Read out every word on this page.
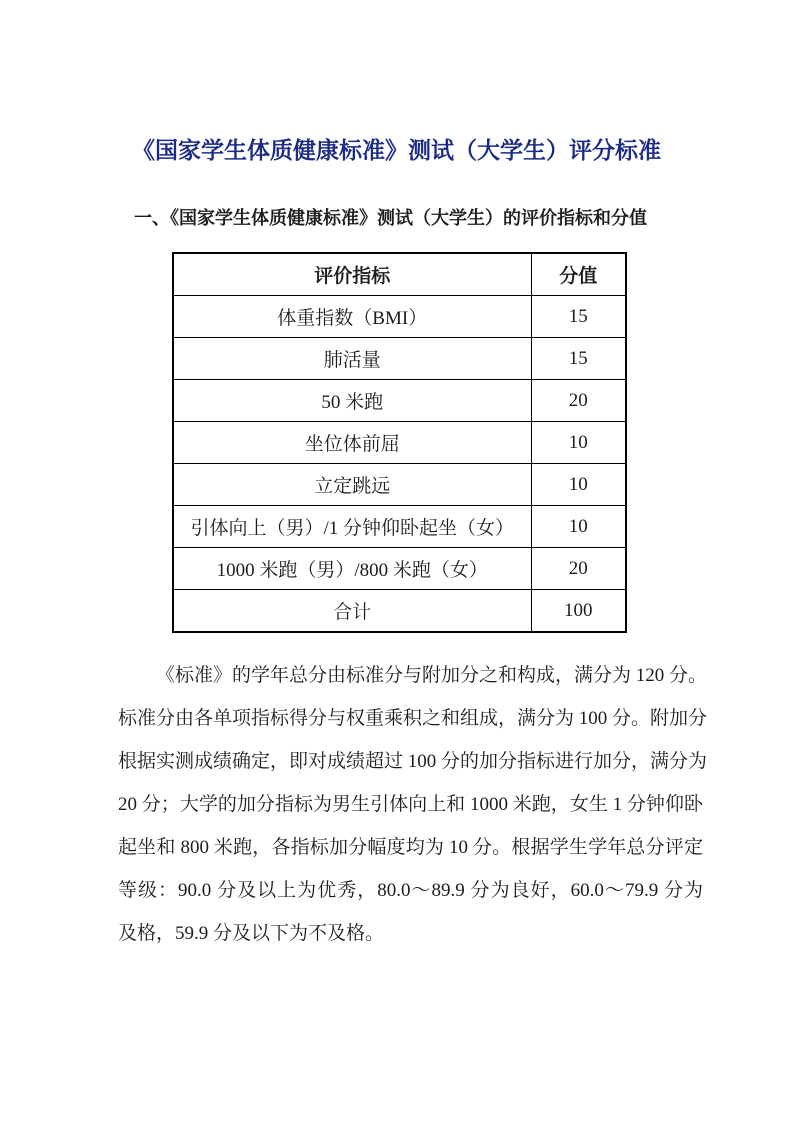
《国家学生体质健康标准》测试（大学生）评分标准
一、《国家学生体质健康标准》测试（大学生）的评价指标和分值
评价指标	分值
体重指数（BMI）	15
肺活量	15
50 米跑	20
坐位体前屈	10
立定跳远	10
引体向上（男）/1 分钟仰卧起坐（女）	10
1000 米跑（男）/800 米跑（女）	20
合计	100
《标准》的学年总分由标准分与附加分之和构成，满分为 120 分。
标准分由各单项指标得分与权重乘积之和组成，满分为 100 分。附加分
根据实测成绩确定，即对成绩超过 100 分的加分指标进行加分，满分为
20 分；大学的加分指标为男生引体向上和 1000 米跑，女生 1 分钟仰卧
起坐和 800 米跑，各指标加分幅度均为 10 分。根据学生学年总分评定
等级：90.0 分及以上为优秀，80.0～89.9 分为良好，60.0～79.9 分为
及格，59.9 分及以下为不及格。
